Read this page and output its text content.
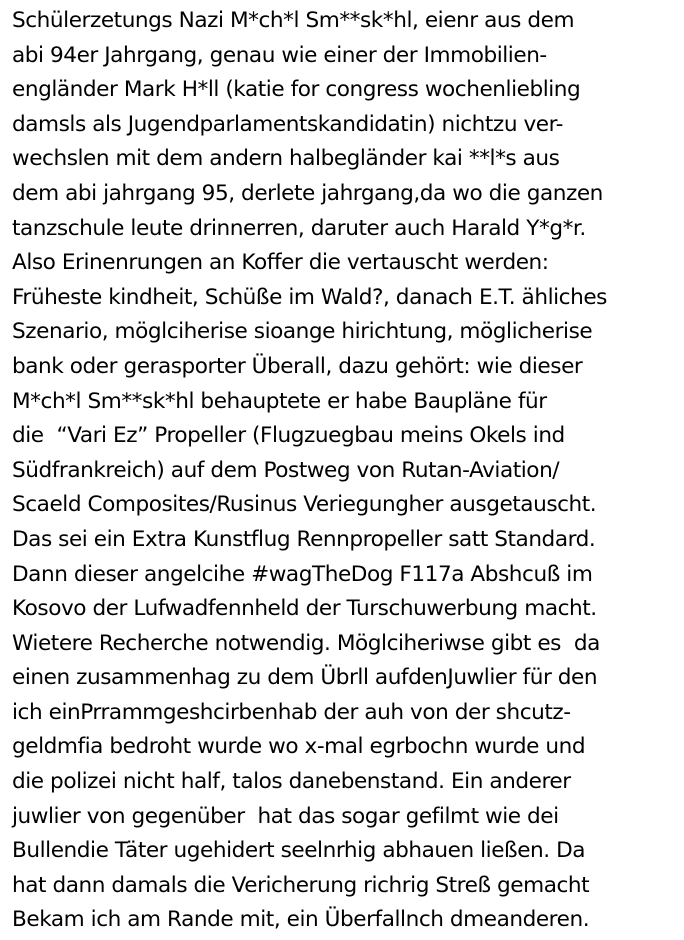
Schülerzetungs Nazi M*ch*l Sm**sk*hl, eienr aus dem
abi 94er Jahrgang, genau wie einer der Immobilien-
engländer Mark H*ll (katie for congress wochenliebling
damsls als Jugendparlamentskandidatin) nichtzu ver-
wechslen mit dem andern halbegländer kai **l*s aus
dem abi jahrgang 95, derlete jahrgang,da wo die ganzen
tanzschule leute drinnerren, daruter auch Harald Y*g*r.
Also Erinenrungen an Koffer die vertauscht werden:
Früheste kindheit, Schüße im Wald?, danach E.T. ähliches
Szenario, möglciherise sioange hirichtung, möglicherise
bank oder gerasporter Überall, dazu gehört: wie dieser
M*ch*l Sm**sk*hl behauptete er habe Baupläne für
die  “Vari Ez” Propeller (Flugzuegbau meins Okels ind
Südfrankreich) auf dem Postweg von Rutan-Aviation/
Scaeld Composites/Rusinus Veriegungher ausgetauscht.
Das sei ein Extra Kunstflug Rennpropeller satt Standard.
Dann dieser angelcihe #wagTheDog F117a Abshcuß im
Kosovo der Lufwadfennheld der Turschuwerbung macht.
Wietere Recherche notwendig. Möglciheriwse gibt es  da
einen zusammenhag zu dem Übrll aufdenJuwlier für den
ich einPrrammgeshcirbenhab der auh von der shcutz-
geldmfia bedroht wurde wo x-mal egrbochn wurde und
die polizei nicht half, talos danebenstand. Ein anderer
juwlier von gegenüber  hat das sogar gefilmt wie dei
Bullendie Täter ugehidert seelnrhig abhauen ließen. Da
hat dann damals die Vericherung richrig Streß gemacht
Bekam ich am Rande mit, ein Überfallnch dmeanderen.
